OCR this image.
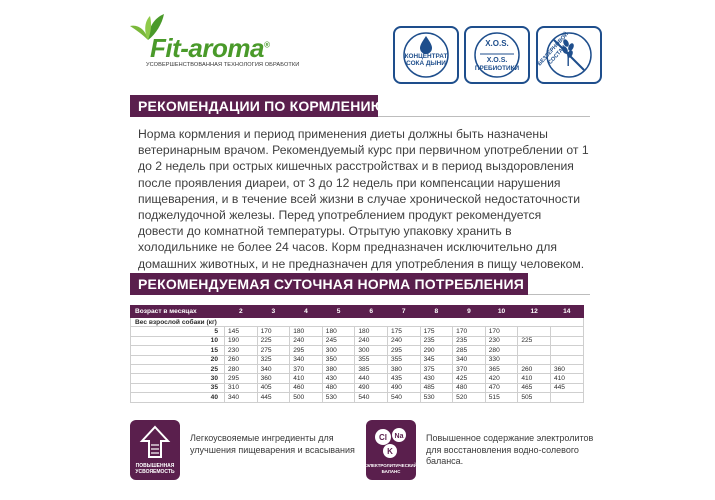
Fit-aroma®
УСОВЕРШЕНСТВОВАННАЯ ТЕХНОЛОГИЯ ОБРАБОТКИ
КОНЦЕНТРАТ
СОКА ДЫНИ
X.O.S.
X.O.S.
ПРЕБИОТИКИ
БЕЗЗЕРНОВОЙ СОСТАВ
РЕКОМЕНДАЦИИ ПО КОРМЛЕНИЮ
Норма кормления и период применения диеты должны быть назначены ветеринарным врачом. Рекомендуемый курс при первичном употреблении от 1 до 2 недель при острых кишечных расстройствах и в период выздоровления после проявления диареи, от 3 до 12 недель при компенсации нарушения пищеварения, и в течение всей жизни в случае хронической недостаточности поджелудочной железы. Перед употреблением продукт рекомендуется довести до комнатной температуры. Отрытую упаковку хранить в холодильнике не более 24 часов. Корм предназначен исключительно для домашних животных, и не предназначен для употребления в пищу человеком.
РЕКОМЕНДУЕМАЯ СУТОЧНАЯ НОРМА ПОТРЕБЛЕНИЯ
Возраст в месяцах	2	3	4	5	6	7	8	9	10	12	14
Вес взрослой собаки (кг)											
5	145	170	180	180	180	175	175	170	170		
10	190	225	240	245	240	240	235	235	230	225	
15	230	275	295	300	300	295	290	285	280		
20	260	325	340	350	355	355	345	340	330		
25	280	340	370	380	385	380	375	370	365	260	360
30	295	360	410	430	440	435	430	425	420	410	410
35	310	405	460	480	490	490	485	480	470	465	445
40	340	445	500	530	540	540	530	520	515	505	
ПОВЫШЕННАЯ
УСВОЯЕМОСТЬ
Легкоусвояемые ингредиенты для улучшения пищеварения и всасывания
Cl Na
K
ЭЛЕКТРОЛИТИЧЕСКИЙ
БАЛАНС
Повышенное содержание электролитов для восстановления водно-солевого баланса.
